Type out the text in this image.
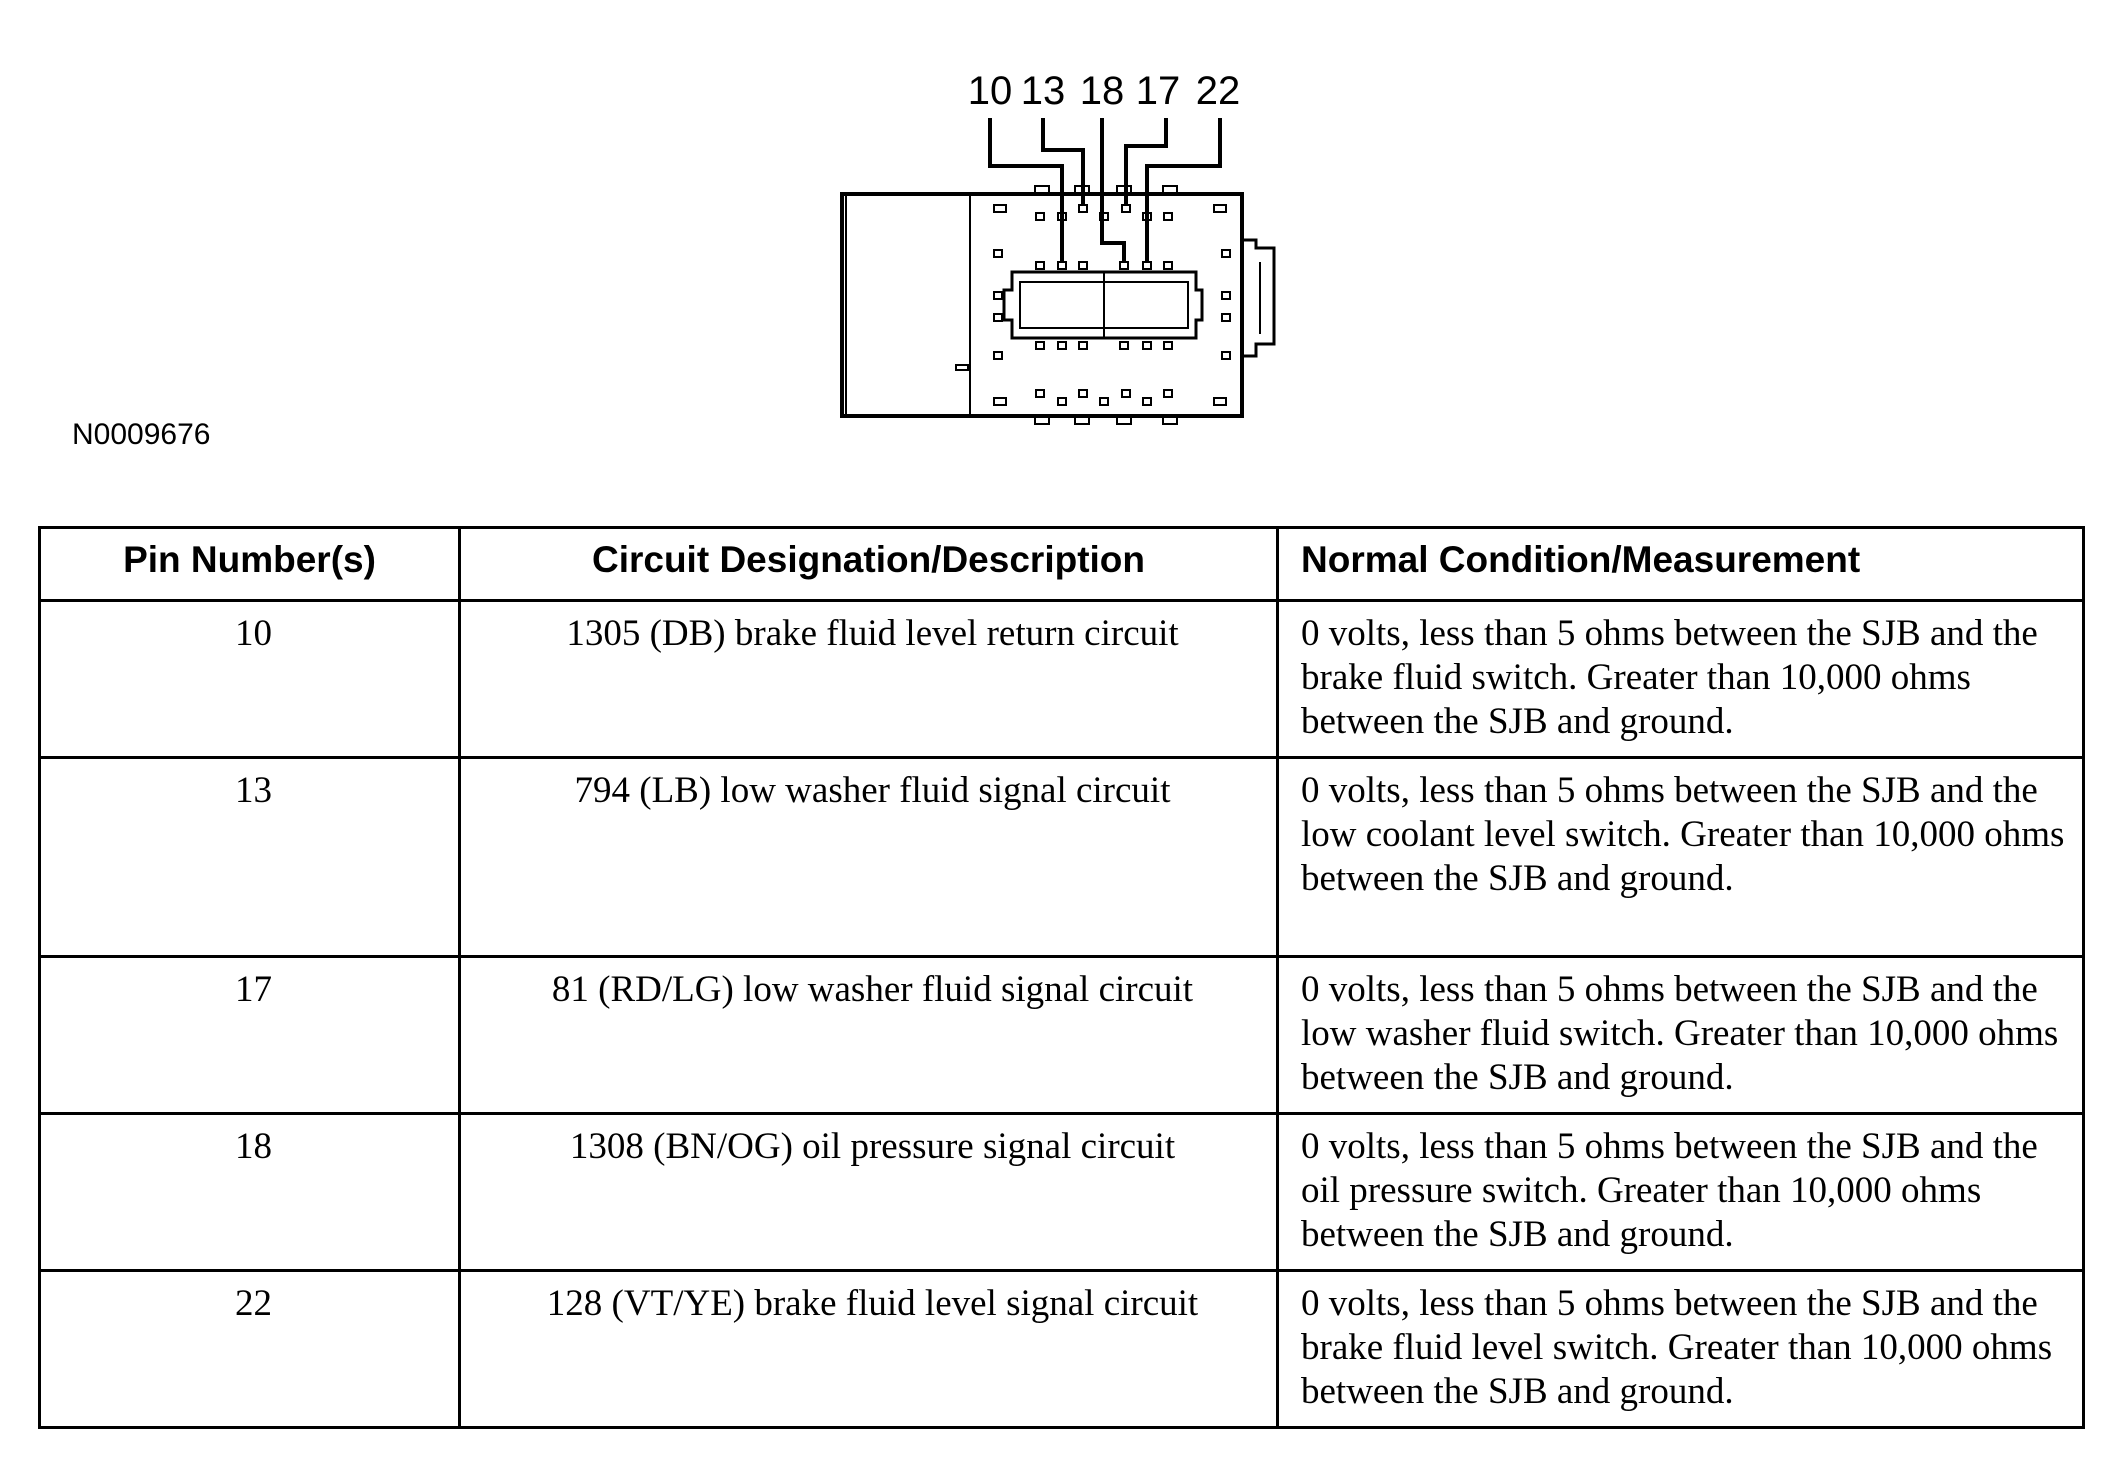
10 13 18 17 22
N0009676
Pin Number(s)	Circuit Designation/Description	Normal Condition/Measurement
10	1305 (DB) brake fluid level return circuit	0 volts, less than 5 ohms between the SJB and the brake fluid switch. Greater than 10,000 ohms between the SJB and ground.
13	794 (LB) low washer fluid signal circuit	0 volts, less than 5 ohms between the SJB and the low coolant level switch. Greater than 10,000 ohms between the SJB and ground.
17	81 (RD/LG) low washer fluid signal circuit	0 volts, less than 5 ohms between the SJB and the low washer fluid switch. Greater than 10,000 ohms between the SJB and ground.
18	1308 (BN/OG) oil pressure signal circuit	0 volts, less than 5 ohms between the SJB and the oil pressure switch. Greater than 10,000 ohms between the SJB and ground.
22	128 (VT/YE) brake fluid level signal circuit	0 volts, less than 5 ohms between the SJB and the brake fluid level switch. Greater than 10,000 ohms between the SJB and ground.
